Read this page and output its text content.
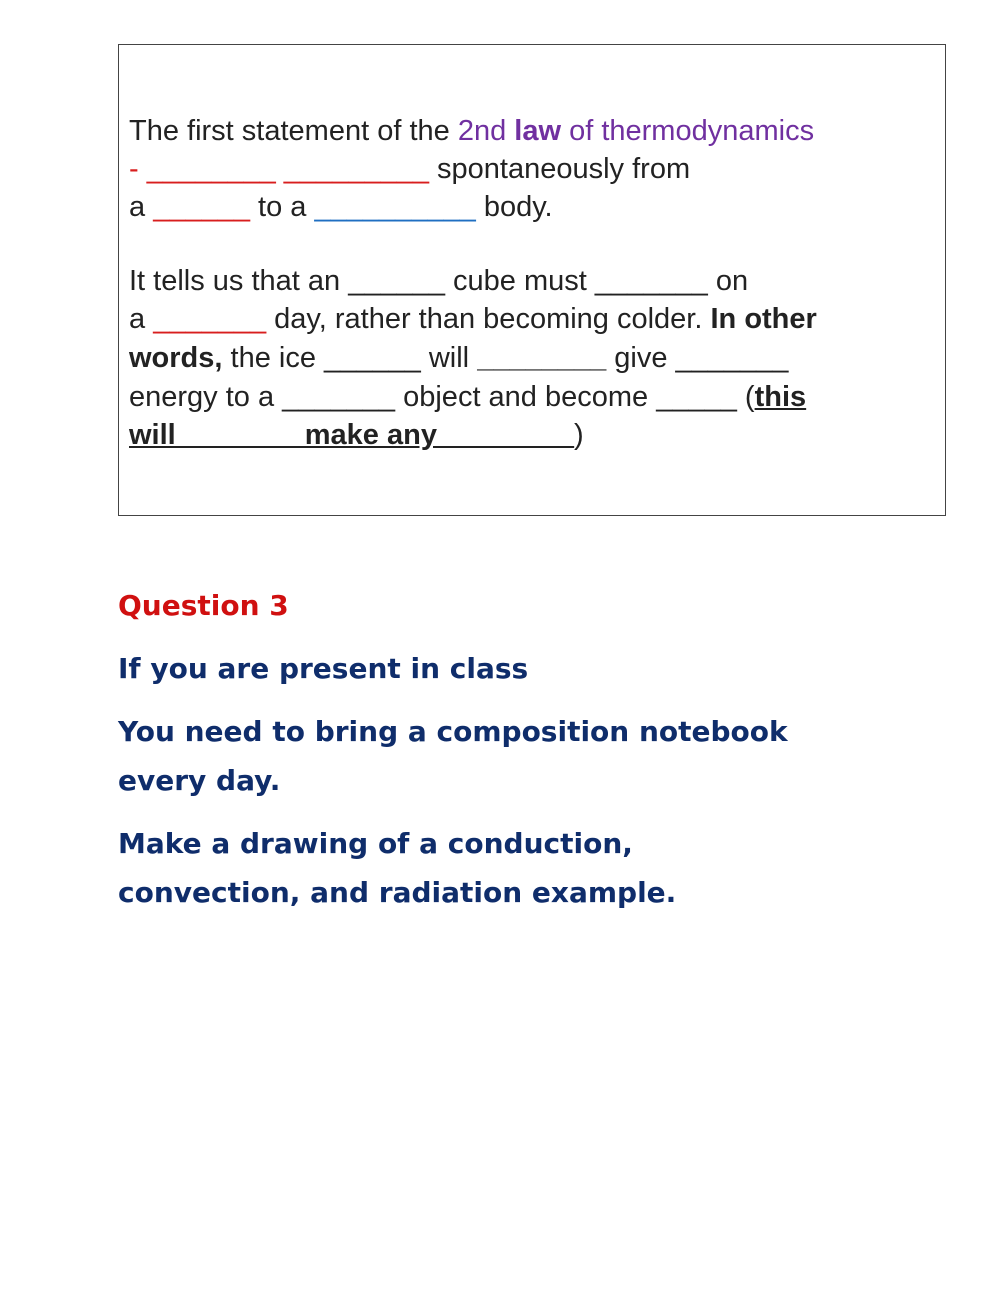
The first statement of the 2nd law of thermodynamics
- ________ _________ spontaneously from
a ______ to a __________ body.
It tells us that an ______ cube must _______ on
a _______ day, rather than becoming colder. In other
words, the ice ______ will ________ give _______
energy to a _______ object and become _____ (this
will _______ make any ________)
Question 3
If you are present in class
You need to bring a composition notebook
every day.
Make a drawing of a conduction,
convection, and radiation example.
